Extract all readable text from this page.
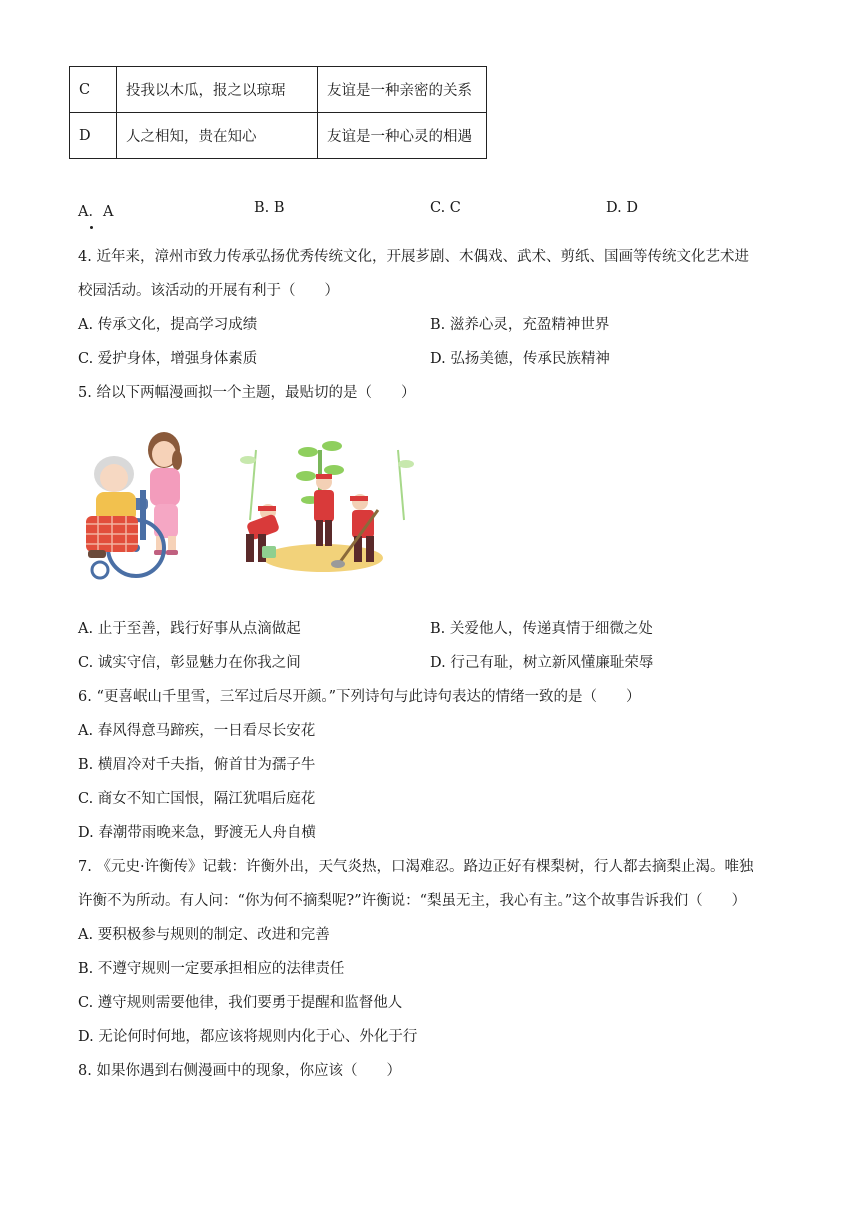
C	投我以木瓜，报之以琼琚	友谊是一种亲密的关系
D	人之相知，贵在知心	友谊是一种心灵的相遇
A．A	B. B	C. C	D. D
4. 近年来，漳州市致力传承弘扬优秀传统文化，开展芗剧、木偶戏、武术、剪纸、国画等传统文化艺术进
校园活动。该活动的开展有利于（　　）
A. 传承文化，提高学习成绩	B. 滋养心灵，充盈精神世界
C. 爱护身体，增强身体素质	D. 弘扬美德，传承民族精神
5. 给以下两幅漫画拟一个主题，最贴切的是（　　）
A. 止于至善，践行好事从点滴做起	B. 关爱他人，传递真情于细微之处
C. 诚实守信，彰显魅力在你我之间	D. 行己有耻，树立新风懂廉耻荣辱
6. “更喜岷山千里雪，三军过后尽开颜。”下列诗句与此诗句表达的情绪一致的是（　　）
A. 春风得意马蹄疾，一日看尽长安花
B. 横眉冷对千夫指，俯首甘为孺子牛
C. 商女不知亡国恨，隔江犹唱后庭花
D. 春潮带雨晚来急，野渡无人舟自横
7. 《元史·许衡传》记载：许衡外出，天气炎热，口渴难忍。路边正好有棵梨树，行人都去摘梨止渴。唯独
许衡不为所动。有人问：“你为何不摘梨呢?”许衡说：“梨虽无主，我心有主。”这个故事告诉我们（　　）
A. 要积极参与规则的制定、改进和完善
B. 不遵守规则一定要承担相应的法律责任
C. 遵守规则需要他律，我们要勇于提醒和监督他人
D. 无论何时何地，都应该将规则内化于心、外化于行
8. 如果你遇到右侧漫画中的现象，你应该（　　）
